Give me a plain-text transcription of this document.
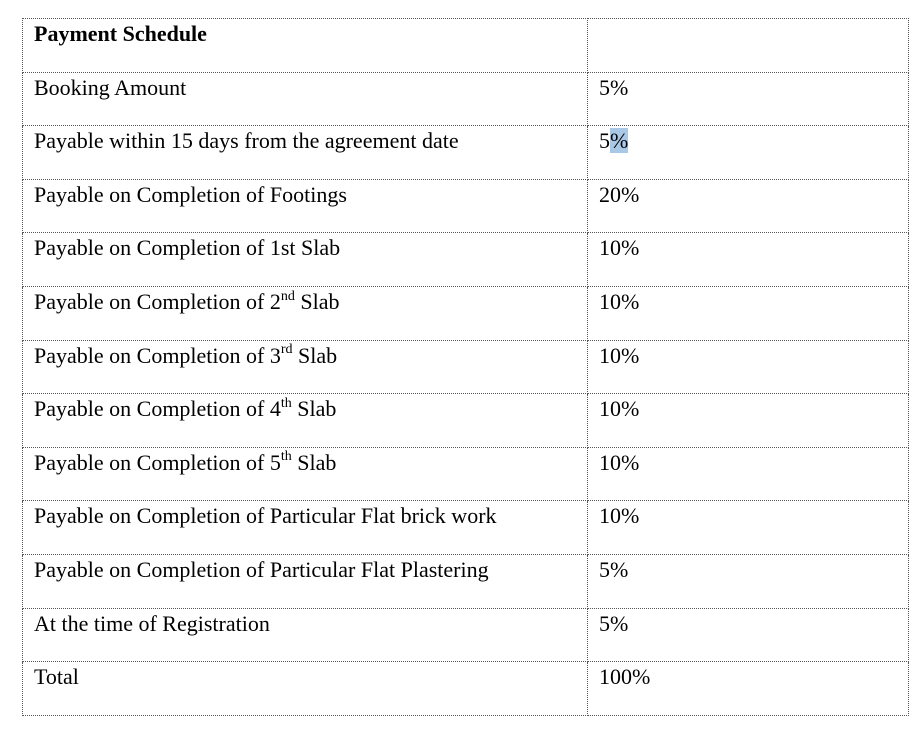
Payment Schedule	
Booking Amount	5%
Payable within 15 days from the agreement date	5%
Payable on Completion of Footings	20%
Payable on Completion of 1st Slab	10%
Payable on Completion of 2nd Slab	10%
Payable on Completion of 3rd Slab	10%
Payable on Completion of 4th Slab	10%
Payable on Completion of 5th Slab	10%
Payable on Completion of Particular Flat brick work	10%
Payable on Completion of Particular Flat Plastering	5%
At the time of Registration	5%
Total	100%
